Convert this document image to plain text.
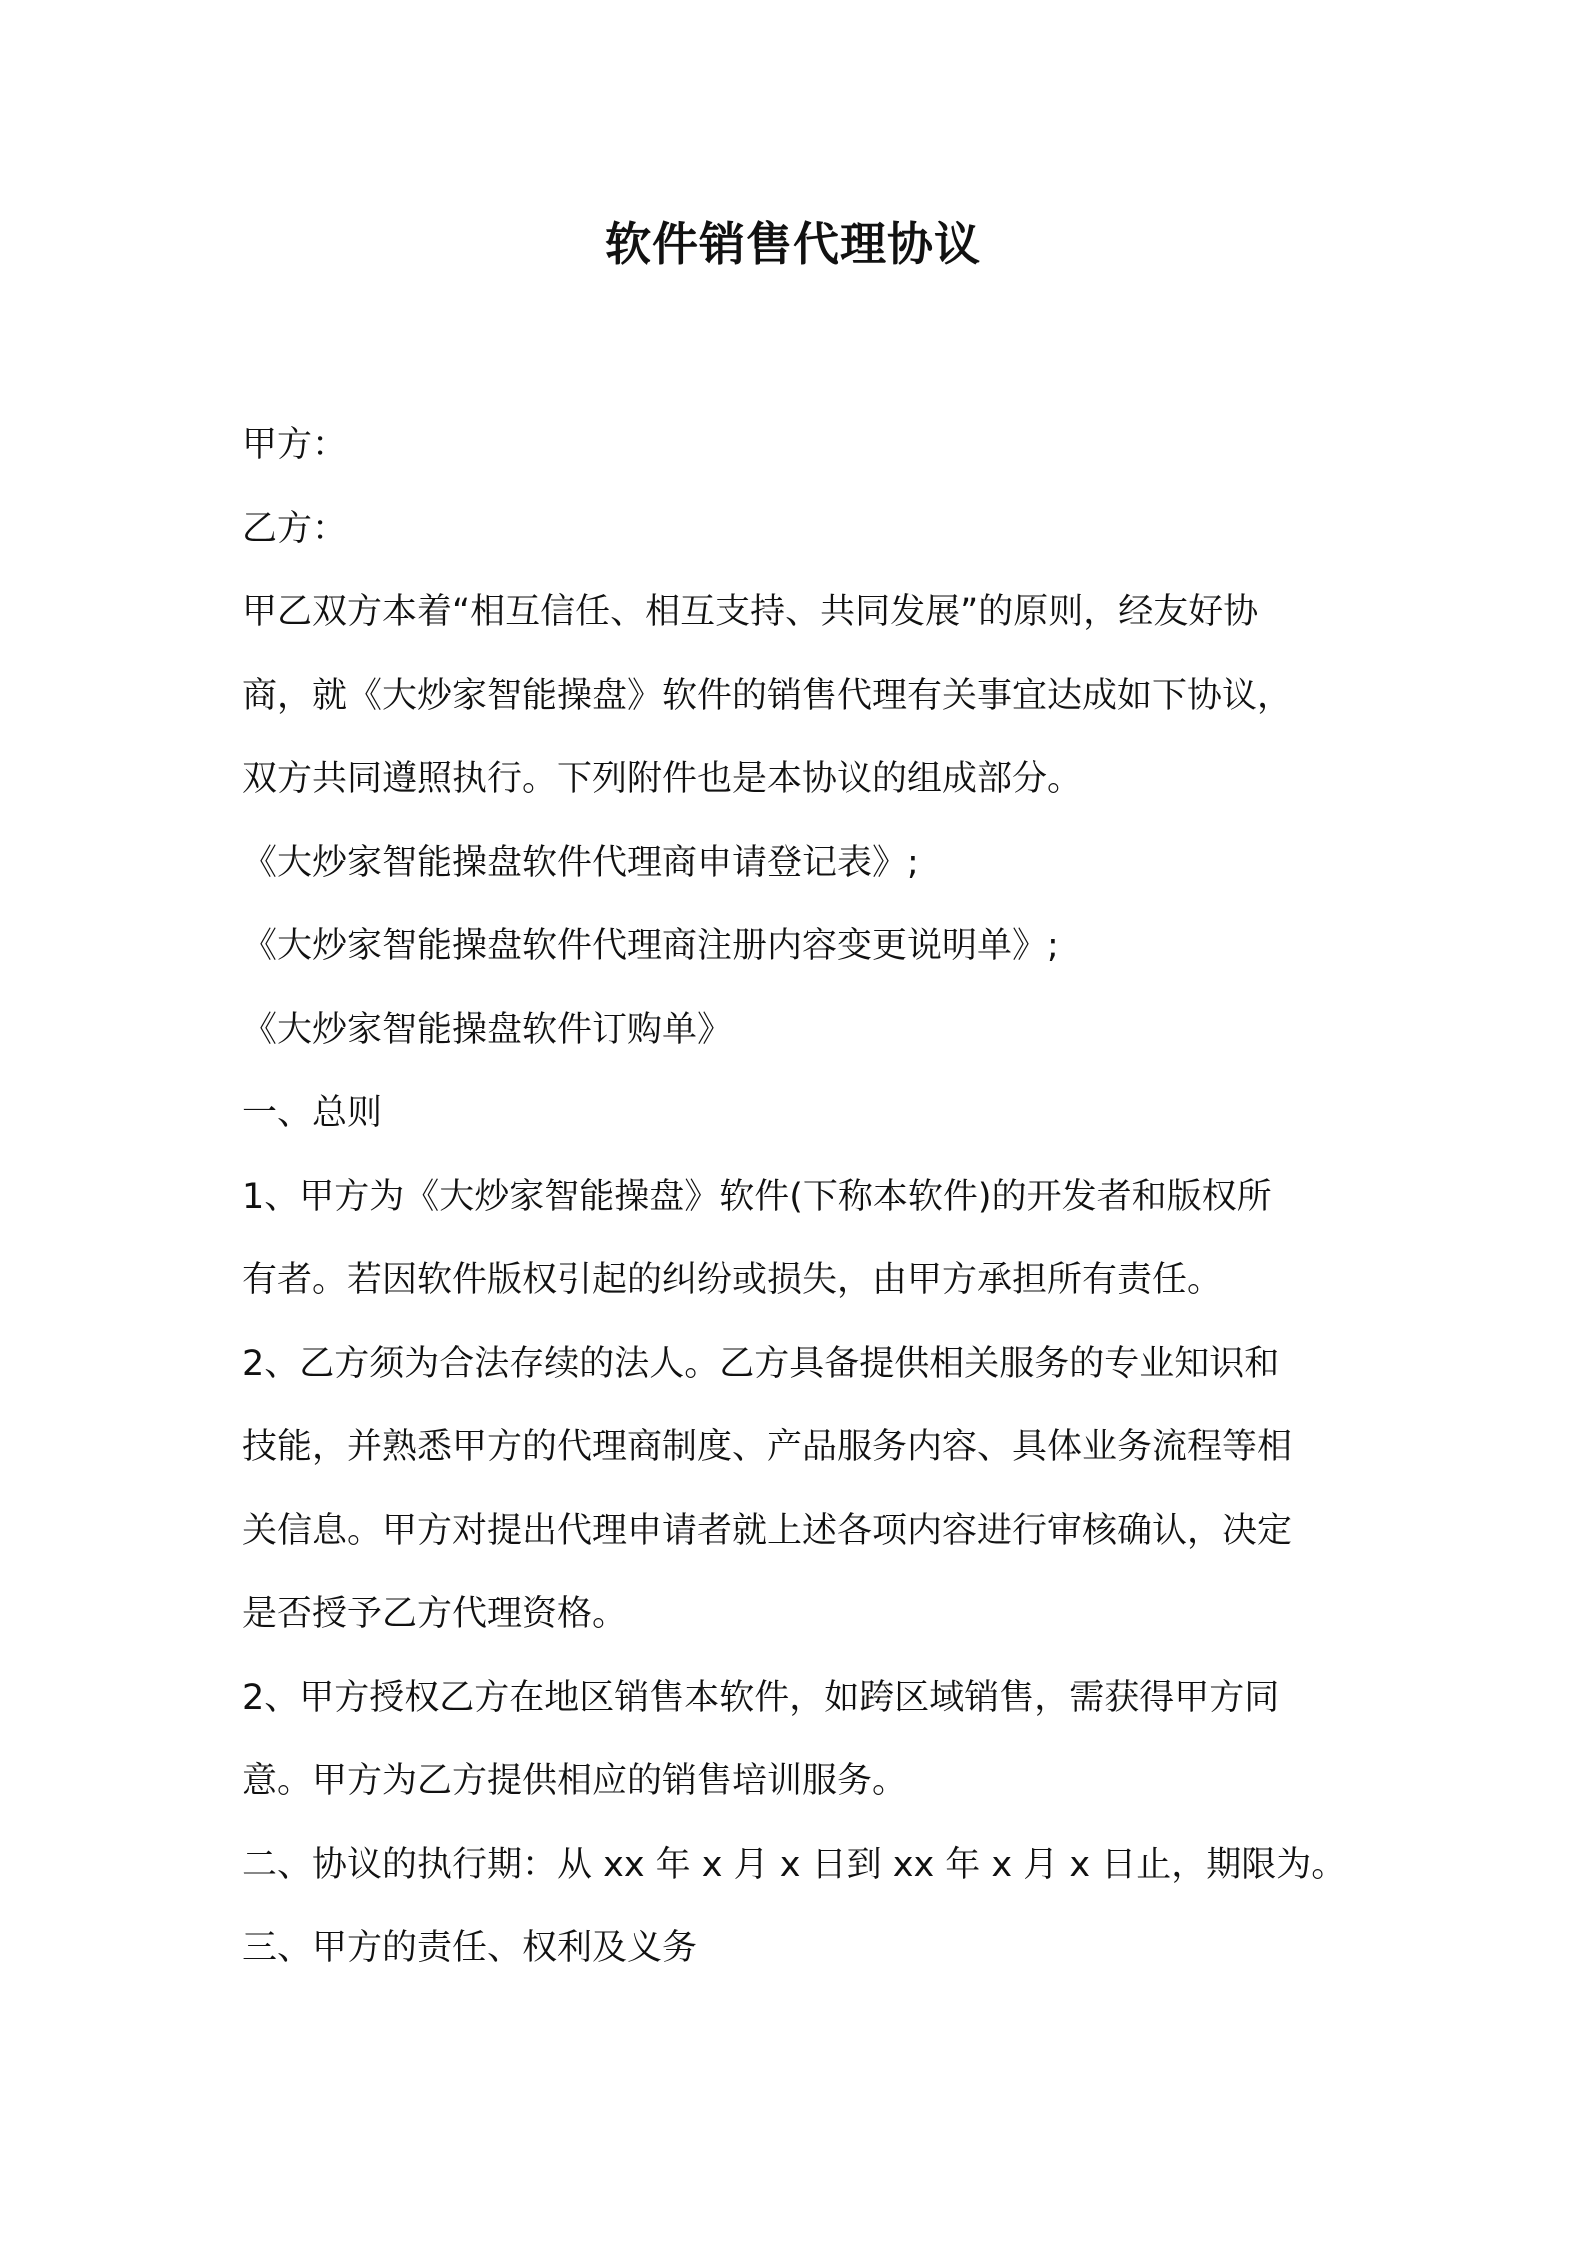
软件销售代理协议
甲方：
乙方：
甲乙双方本着“相互信任、相互支持、共同发展”的原则，经友好协
商，就《大炒家智能操盘》软件的销售代理有关事宜达成如下协议，
双方共同遵照执行。下列附件也是本协议的组成部分。
《大炒家智能操盘软件代理商申请登记表》;
《大炒家智能操盘软件代理商注册内容变更说明单》;
《大炒家智能操盘软件订购单》
一、总则
1、甲方为《大炒家智能操盘》软件(下称本软件)的开发者和版权所
有者。若因软件版权引起的纠纷或损失，由甲方承担所有责任。
2、乙方须为合法存续的法人。乙方具备提供相关服务的专业知识和
技能，并熟悉甲方的代理商制度、产品服务内容、具体业务流程等相
关信息。甲方对提出代理申请者就上述各项内容进行审核确认，决定
是否授予乙方代理资格。
2、甲方授权乙方在地区销售本软件，如跨区域销售，需获得甲方同
意。甲方为乙方提供相应的销售培训服务。
二、协议的执行期：从 xx 年 x 月 x 日到 xx 年 x 月 x 日止，期限为。
三、甲方的责任、权利及义务
